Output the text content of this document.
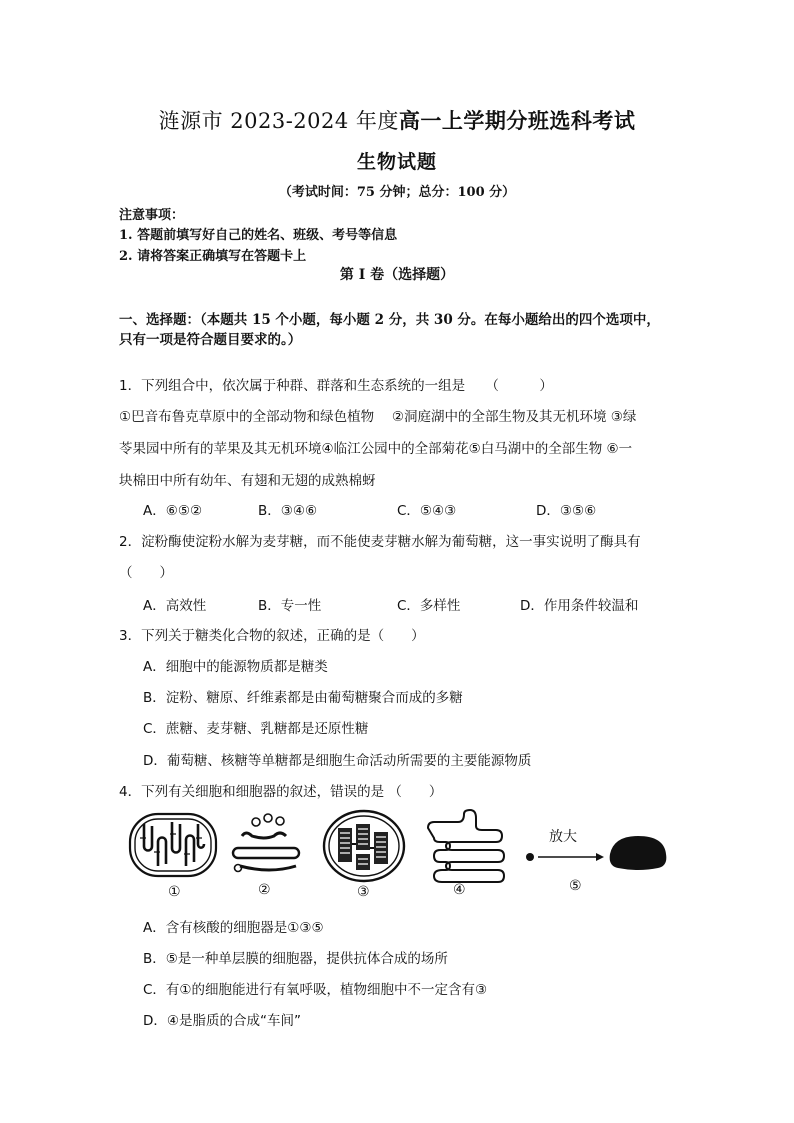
涟源市 2023-2024 年度高一上学期分班选科考试
生物试题
（考试时间：75 分钟；总分：100 分）
注意事项：
1. 答题前填写好自己的姓名、班级、考号等信息
2. 请将答案正确填写在答题卡上
第 I 卷（选择题）
一、选择题：（本题共 15 个小题，每小题 2 分，共 30 分。在每小题给出的四个选项中，
只有一项是符合题目要求的。）
1．下列组合中，依次属于种群、群落和生态系统的一组是　　（　　　）
①巴音布鲁克草原中的全部动物和绿色植物　 ②洞庭湖中的全部生物及其无机环境 ③绿
苓果园中所有的苹果及其无机环境④临江公园中的全部菊花⑤白马湖中的全部生物 ⑥一
块棉田中所有幼年、有翅和无翅的成熟棉蚜
A．⑥⑤②	B．③④⑥	C．⑤④③	D．③⑤⑥
2．淀粉酶使淀粉水解为麦芽糖，而不能使麦芽糖水解为葡萄糖，这一事实说明了酶具有
（　　）
A．高效性	B．专一性	C．多样性	D．作用条件较温和
3．下列关于糖类化合物的叙述，正确的是（　　）
A．细胞中的能源物质都是糖类
B．淀粉、糖原、纤维素都是由葡萄糖聚合而成的多糖
C．蔗糖、麦芽糖、乳糖都是还原性糖
D．葡萄糖、核糖等单糖都是细胞生命活动所需要的主要能源物质
4．下列有关细胞和细胞器的叙述，错误的是 （　　）
放大
①	②	③	④	⑤
A．含有核酸的细胞器是①③⑤
B．⑤是一种单层膜的细胞器，提供抗体合成的场所
C．有①的细胞能进行有氧呼吸，植物细胞中不一定含有③
D．④是脂质的合成“车间”
